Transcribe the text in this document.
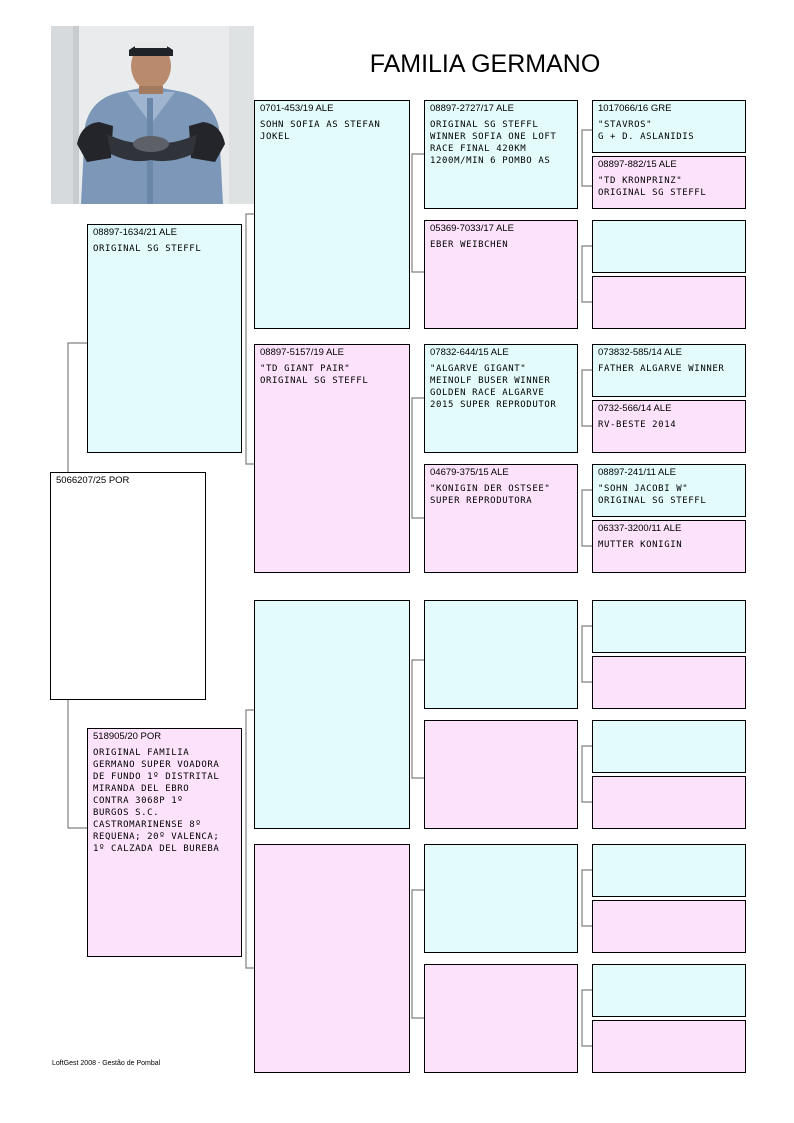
FAMILIA GERMANO
5066207/25 POR
08897-1634/21 ALE
ORIGINAL SG STEFFL
518905/20 POR
ORIGINAL FAMILIA
GERMANO SUPER VOADORA
DE FUNDO 1º DISTRITAL
MIRANDA DEL EBRO
CONTRA 3068P 1º
BURGOS S.C.
CASTROMARINENSE 8º
REQUENA; 20º VALENCA;
1º CALZADA DEL BUREBA
0701-453/19 ALE
SOHN SOFIA AS STEFAN
JOKEL
08897-5157/19 ALE
"TD GIANT PAIR"
ORIGINAL SG STEFFL
08897-2727/17 ALE
ORIGINAL SG STEFFL
WINNER SOFIA ONE LOFT
RACE FINAL 420KM
1200M/MIN 6 POMBO AS
05369-7033/17 ALE
EBER WEIBCHEN
07832-644/15 ALE
"ALGARVE GIGANT"
MEINOLF BUSER WINNER
GOLDEN RACE ALGARVE
2015 SUPER REPRODUTOR
04679-375/15 ALE
"KONIGIN DER OSTSEE"
SUPER REPRODUTORA
1017066/16 GRE
"STAVROS"
G + D. ASLANIDIS
08897-882/15 ALE
"TD KRONPRINZ"
ORIGINAL SG STEFFL
073832-585/14 ALE
FATHER ALGARVE WINNER
0732-566/14 ALE
RV-BESTE 2014
08897-241/11 ALE
"SOHN JACOBI W"
ORIGINAL SG STEFFL
06337-3200/11 ALE
MUTTER KONIGIN
LoftGest 2008 - Gestão de Pombal
